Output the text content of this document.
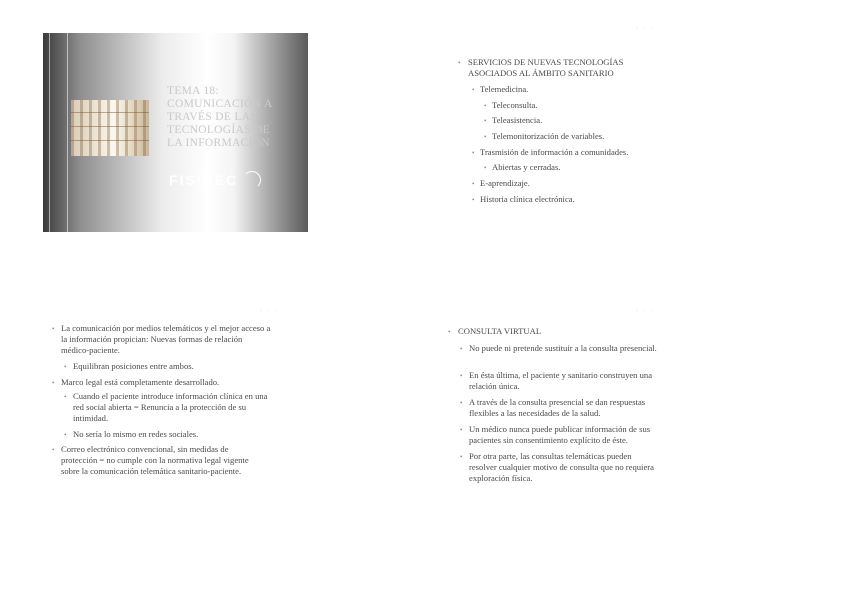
TEMA 18:
COMUNICACIÓN A
TRAVÉS DE LAS
TECNOLOGÍAS DE
LA INFORMACIÓN
FISIDEC
· · ·
• SERVICIOS DE NUEVAS TECNOLOGÍAS ASOCIADOS AL ÁMBITO SANITARIO
• Telemedicina.
• Teleconsulta.
• Teleasistencia.
• Telemonitorización de variables.
• Trasmisión de información a comunidades.
• Abiertas y cerradas.
• E-aprendizaje.
• Historia clínica electrónica.
· · ·
• La comunicación por medios telemáticos y el mejor acceso a la información propician: Nuevas formas de relación médico-paciente.
• Equilibran posiciones entre ambos.
• Marco legal está completamente desarrollado.
• Cuando el paciente introduce información clínica en una red social abierta = Renuncia a la protección de su intimidad.
• No sería lo mismo en redes sociales.
• Correo electrónico convencional, sin medidas de protección = no cumple con la normativa legal vigente sobre la comunicación telemática sanitario-paciente.
· · ·
• CONSULTA VIRTUAL
• No puede ni pretende sustituir a la consulta presencial.
• En ésta última, el paciente y sanitario construyen una relación única.
• A través de la consulta presencial se dan respuestas flexibles a las necesidades de la salud.
• Un médico nunca puede publicar información de sus pacientes sin consentimiento explícito de éste.
• Por otra parte, las consultas telemáticas pueden resolver cualquier motivo de consulta que no requiera exploración física.
